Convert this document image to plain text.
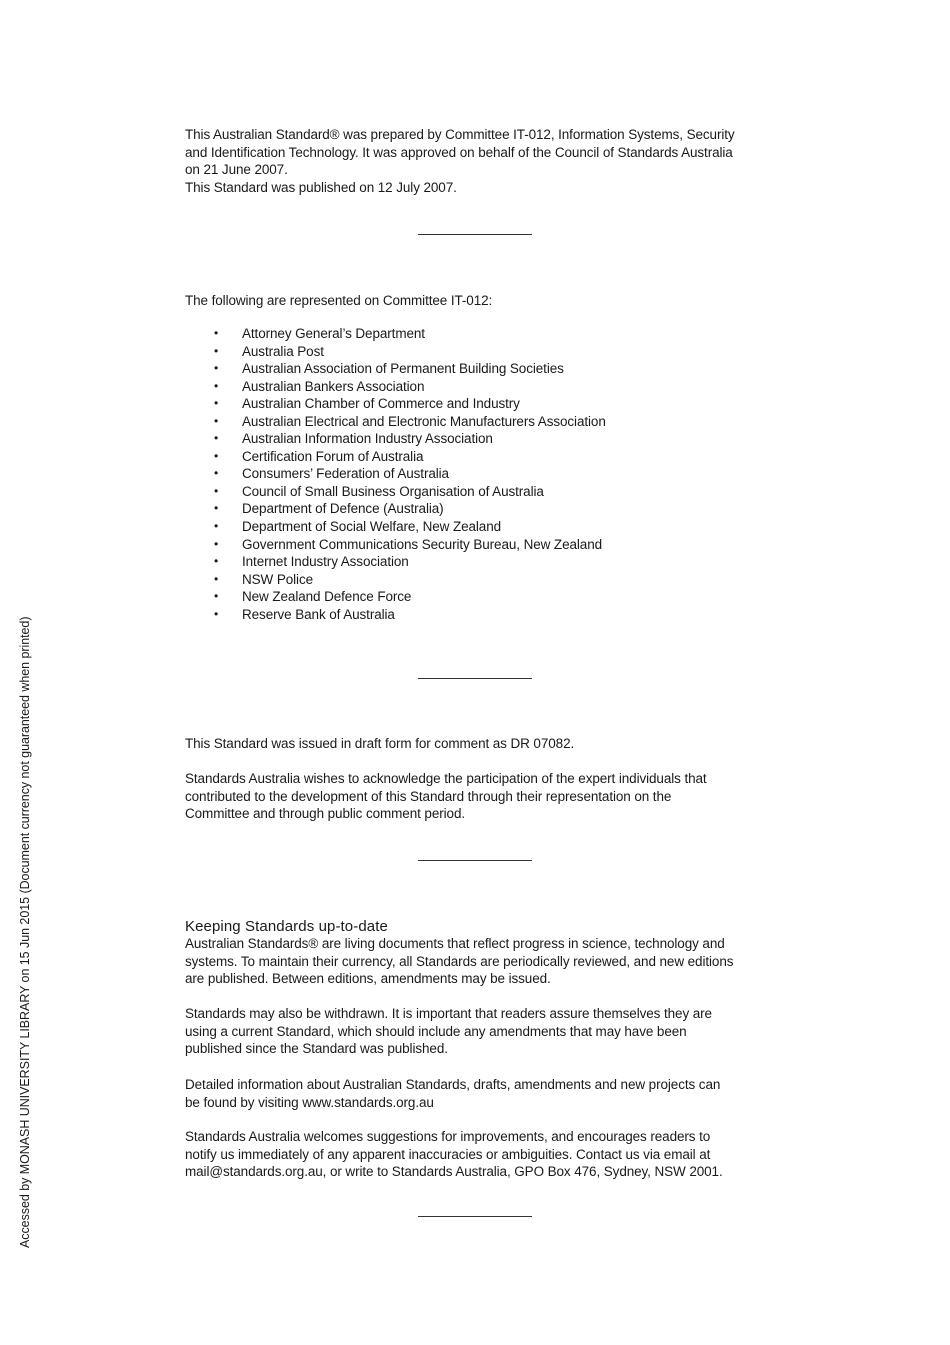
This Australian Standard® was prepared by Committee IT-012, Information Systems, Security

and Identification Technology. It was approved on behalf of the Council of Standards Australia

on 21 June 2007.

This Standard was published on 12 July 2007.

The following are represented on Committee IT-012:
• Attorney General’s Department
• Australia Post
• Australian Association of Permanent Building Societies
• Australian Bankers Association
• Australian Chamber of Commerce and Industry
• Australian Electrical and Electronic Manufacturers Association
• Australian Information Industry Association
• Certification Forum of Australia
• Consumers’ Federation of Australia
• Council of Small Business Organisation of Australia
• Department of Defence (Australia)
• Department of Social Welfare, New Zealand
• Government Communications Security Bureau, New Zealand
• Internet Industry Association
• NSW Police
• New Zealand Defence Force
• Reserve Bank of Australia
This Standard was issued in draft form for comment as DR 07082.

Standards Australia wishes to acknowledge the participation of the expert individuals that

contributed to the development of this Standard through their representation on the

Committee and through public comment period.

Keeping Standards up-to-date

Australian Standards® are living documents that reflect progress in science, technology and

systems. To maintain their currency, all Standards are periodically reviewed, and new editions

are published. Between editions, amendments may be issued.

Standards may also be withdrawn. It is important that readers assure themselves they are

using a current Standard, which should include any amendments that may have been

published since the Standard was published.

Detailed information about Australian Standards, drafts, amendments and new projects can

be found by visiting www.standards.org.au

Standards Australia welcomes suggestions for improvements, and encourages readers to

notify us immediately of any apparent inaccuracies or ambiguities. Contact us via email at

mail@standards.org.au, or write to Standards Australia, GPO Box 476, Sydney, NSW 2001.

Accessed by MONASH UNIVERSITY LIBRARY on 15 Jun 2015 (Document currency not guaranteed when printed)
